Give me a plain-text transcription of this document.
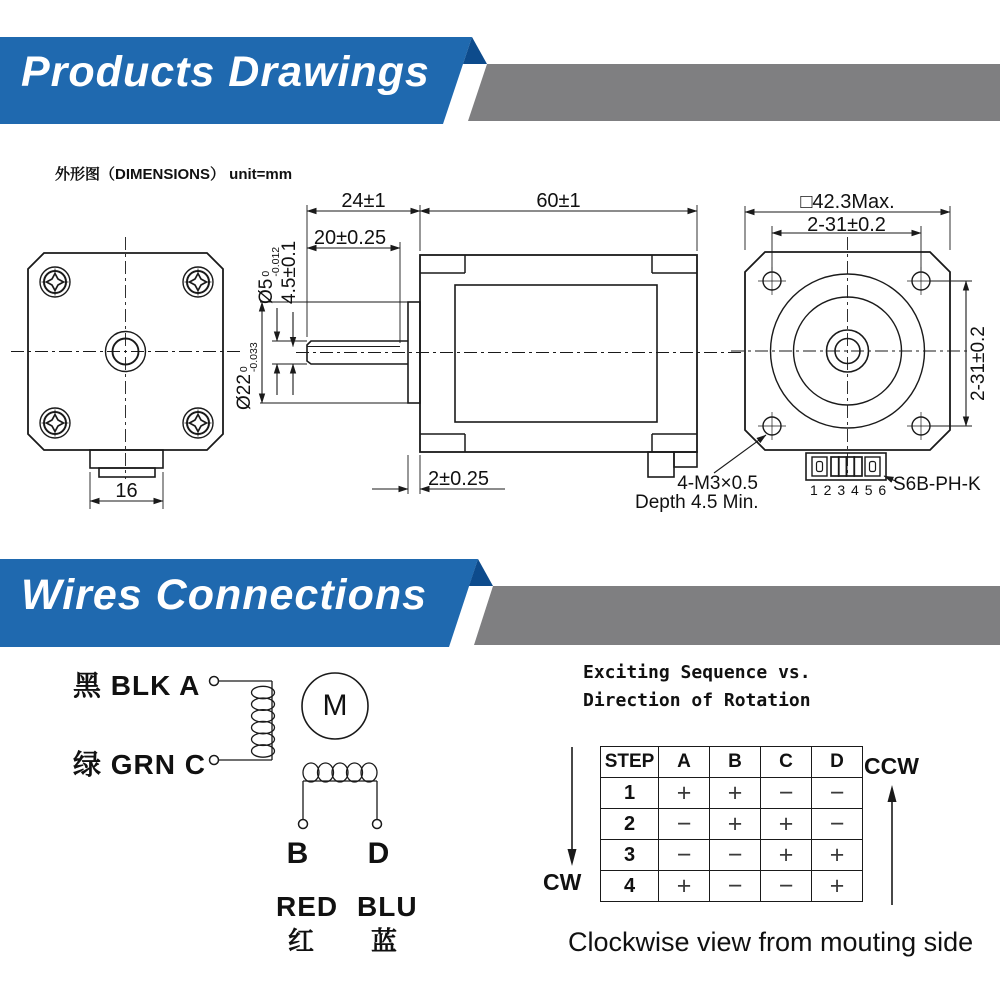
Products Drawings
Wires Connections
外形图（DIMENSIONS） unit=mm
16
24±1	60±1
20±0.25
Ø5
0
-0.012
4.5±0.1
Ø22
0
-0.033
2±0.25	4-M3×0.5
Depth 4.5 Min.
□42.3Max.
2-31±0.2
2-31±0.2
1 2 3 4 5 6 S6B-PH-K
黑 BLK A
绿 GRN C
M
B D
RED BLU
红 蓝
Exciting Sequence vs.
Direction of Rotation
STEP	A	B	C	D
1	+	+	−	−
2	−	+	+	−
3	−	−	+	+
4	+	−	−	+
CW
CCW
Clockwise view from mouting side
